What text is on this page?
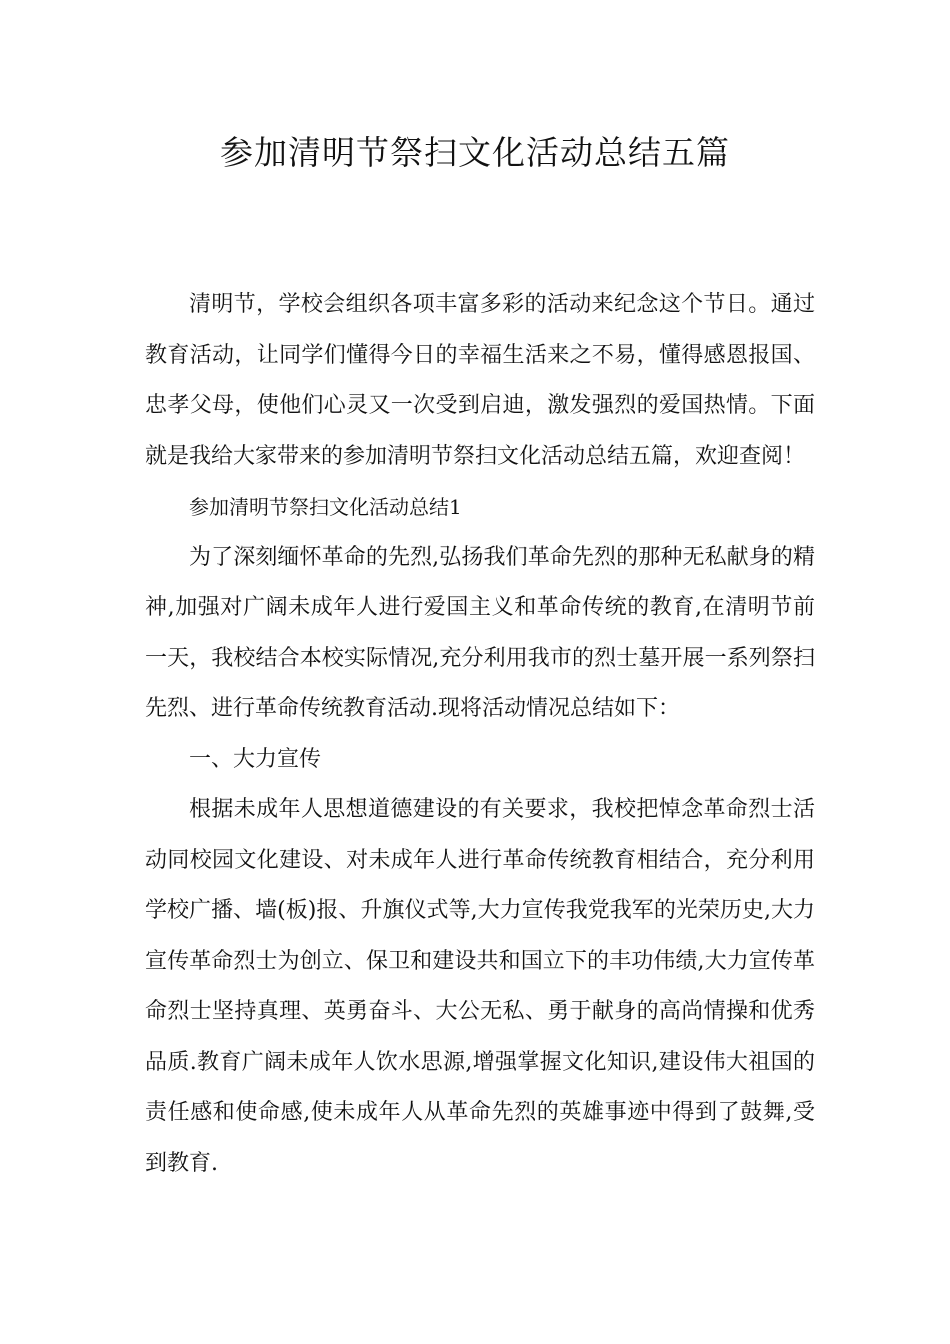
参加清明节祭扫文化活动总结五篇

清明节，学校会组织各项丰富多彩的活动来纪念这个节日。通过教育活动，让同学们懂得今日的幸福生活来之不易，懂得感恩报国、忠孝父母，使他们心灵又一次受到启迪，激发强烈的爱国热情。下面就是我给大家带来的参加清明节祭扫文化活动总结五篇，欢迎查阅！

参加清明节祭扫文化活动总结1

为了深刻缅怀革命的先烈,弘扬我们革命先烈的那种无私献身的精神,加强对广阔未成年人进行爱国主义和革命传统的教育,在清明节前一天，我校结合本校实际情况,充分利用我市的烈士墓开展一系列祭扫先烈、进行革命传统教育活动.现将活动情况总结如下：

一、大力宣传

根据未成年人思想道德建设的有关要求，我校把悼念革命烈士活动同校园文化建设、对未成年人进行革命传统教育相结合，充分利用学校广播、墙(板)报、升旗仪式等,大力宣传我党我军的光荣历史,大力宣传革命烈士为创立、保卫和建设共和国立下的丰功伟绩,大力宣传革命烈士坚持真理、英勇奋斗、大公无私、勇于献身的高尚情操和优秀品质.教育广阔未成年人饮水思源,增强掌握文化知识,建设伟大祖国的责任感和使命感,使未成年人从革命先烈的英雄事迹中得到了鼓舞,受到教育.
